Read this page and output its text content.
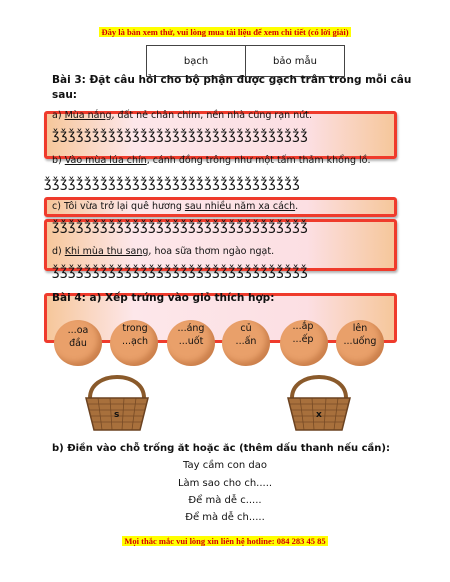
Đây là bản xem thử, vui lòng mua tài liệu để xem chi tiết (có lời giải)
bạch	bảo mẫu
Bài 3: Đặt câu hỏi cho bộ phận được gạch trân trong mỗi câu
sau:
a) Mùa nắng, đất nẻ chân chim, nền nhà cũng rạn nứt.
ǯǯǯǯǯǯǯǯǯǯǯǯǯǯǯǯǯǯǯǯǯǯǯǯǯǯǯǯǯǯǯǯ
b) Vào mùa lúa chín, cánh đồng trông như một tấm thảm khổng lồ.
ǯǯǯǯǯǯǯǯǯǯǯǯǯǯǯǯǯǯǯǯǯǯǯǯǯǯǯǯǯǯǯǯ
c) Tôi vừa trở lại quê hương sau nhiều năm xa cách.
ǯǯǯǯǯǯǯǯǯǯǯǯǯǯǯǯǯǯǯǯǯǯǯǯǯǯǯǯǯǯǯǯ
d) Khi mùa thu sang, hoa sữa thơm ngào ngạt.
ǯǯǯǯǯǯǯǯǯǯǯǯǯǯǯǯǯǯǯǯǯǯǯǯǯǯǯǯǯǯǯǯ
Bài 4: a) Xếp trứng vào giỏ thích hợp:
...oa
đầu
trong
...ạch
...áng
...uốt
củ
...ấn
...ắp
...ếp
lên
...uống
s	x
b) Điền vào chỗ trống ăt hoặc ăc (thêm dấu thanh nếu cần):
Tay cầm con dao
Làm sao cho ch.....
Để mà dễ c.....
Để mà dễ ch.....
Mọi thắc mắc vui lòng xin liên hệ hotline: 084 283 45 85
